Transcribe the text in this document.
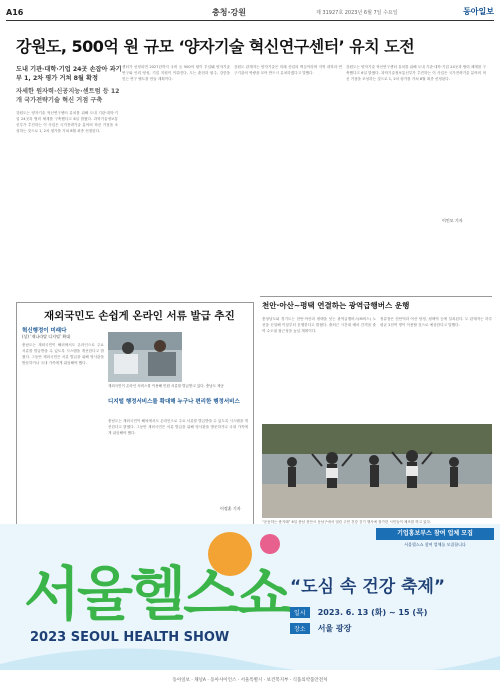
A16	충청·강원	제 31927호 2023년 6월 7일 수요일	동아일보
강원도, 500억 원 규모 ‘양자기술 혁신연구센터’ 유치 도전
도내 기관·대학·기업 24곳 손잡아 과기부 1, 2차 평가 거쳐 8월 확정
자세한 원자력·신공지능·센트럼 등 12개 국가전략기술 혁신 거점 구축
강원도는 양자기술 혁신연구센터 유치를 위해 도내 기관·대학·기업 24곳과 협력 체계를 구축했다고 6일 밝혔다. 과학기술정보통신부가 추진하는 이 사업은 국가전략기술 분야의 혁신 거점을 조성하는 것으로 1, 2차 평가를 거쳐 8월 최종 선정된다.
센터가 선정되면 2027년까지 국비 등 500억 원이 투입돼 양자기술 연구와 인력 양성, 기업 지원이 이뤄진다. 도는 춘천과 원주, 강릉을 잇는 연구 벨트를 만들 계획이다.
강원도 관계자는 양자기술은 미래 산업의 핵심이라며 지역 대학과 연구기관의 역량을 모아 반드시 유치하겠다고 말했다.
강원도는 양자기술 혁신연구센터 유치를 위해 도내 기관·대학·기업 24곳과 협력 체계를 구축했다고 6일 밝혔다. 과학기술정보통신부가 추진하는 이 사업은 국가전략기술 분야의 혁신 거점을 조성하는 것으로 1, 2차 평가를 거쳐 8월 최종 선정된다.
이인모 기자
재외국민도 손쉽게 온라인 서류 발급 추진
혁신행정이 미래다
(상) ‘재나라탈 디지털’ 확대
충남도는 재외국민이 해외에서도 온라인으로 주요 서류를 발급받을 수 있도록 시스템을 개선한다고 밝혔다. 그동안 재외국민은 서류 발급을 위해 영사관을 방문하거나 국내 가족에게 위임해야 했다.
재외국민이 온라인 서비스를 이용해 민원 서류를 발급받고 있다. 충남도 제공
디지털 행정서비스를 확대해 누구나 편리한 행정서비스
충남도는 재외국민이 해외에서도 온라인으로 주요 서류를 발급받을 수 있도록 시스템을 개선한다고 밝혔다. 그동안 재외국민은 서류 발급을 위해 영사관을 방문하거나 국내 가족에게 위임해야 했다.
이정훈 기자
천안·아산∼평택 연결하는 광역급행버스 운행
충청남도와 경기도는 천안·아산과 평택을 잇는 광역급행버스(M버스) 노선을 신설해 이달부터 운행한다고 밝혔다. 출퇴근 시간대 배차 간격을 줄여 수도권 접근성을 높일 계획이다.
정류장은 천안역과 아산 탕정, 평택역 등에 설치된다. 도 관계자는 하루 평균 2천여 명이 이용할 것으로 예상한다고 말했다.
“운동하는 충거래” 6일 충남 천안시 동남구에서 열린 주민 건강 걷기 행사에 참가한 시민들이 체조를 하고 있다.
기업홍보부스 참여 업체 모집
서울헬스쇼 참여 업체를 모집합니다
서울헬스쇼
2023 SEOUL HEALTH SHOW
“도심 속 건강 축제”
일시 2023. 6. 13 (화) ∼ 15 (목)
장소 서울 광장
동아일보 · 채널A · 동아사이언스 · 서울특별시 · 보건복지부 · 식품의약품안전처
